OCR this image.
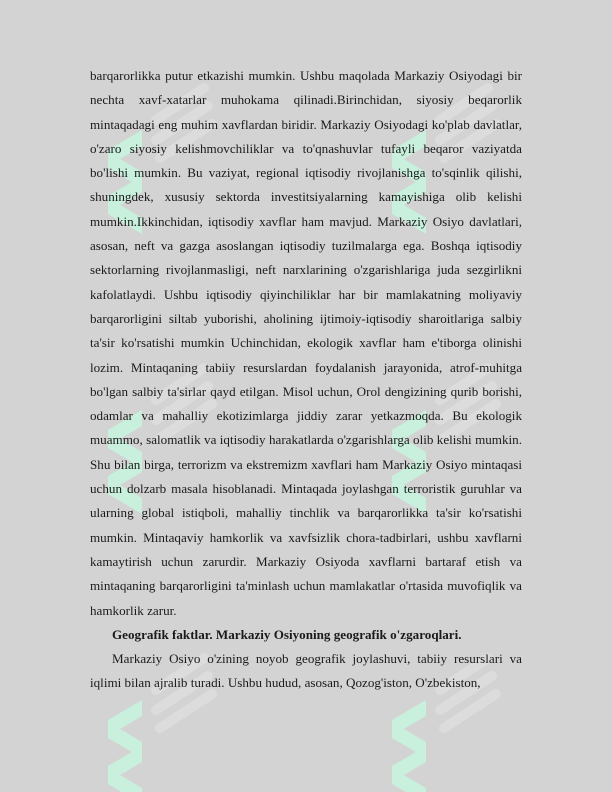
barqarorlikka putur etkazishi mumkin. Ushbu maqolada Markaziy Osiyodagi bir nechta xavf-xatarlar muhokama qilinadi.Birinchidan, siyosiy beqarorlik mintaqadagi eng muhim xavflardan biridir. Markaziy Osiyodagi ko'plab davlatlar, o'zaro siyosiy kelishmovchiliklar va to'qnashuvlar tufayli beqaror vaziyatda bo'lishi mumkin. Bu vaziyat, regional iqtisodiy rivojlanishga to'sqinlik qilishi, shuningdek, xususiy sektorda investitsiyalarning kamayishiga olib kelishi mumkin.Ikkinchidan, iqtisodiy xavflar ham mavjud. Markaziy Osiyo davlatlari, asosan, neft va gazga asoslangan iqtisodiy tuzilmalarga ega. Boshqa iqtisodiy sektorlarning rivojlanmasligi, neft narxlarining o'zgarishlariga juda sezgirlikni kafolatlaydi. Ushbu iqtisodiy qiyinchiliklar har bir mamlakatning moliyaviy barqarorligini siltab yuborishi, aholining ijtimoiy-iqtisodiy sharoitlariga salbiy ta'sir ko'rsatishi mumkin Uchinchidan, ekologik xavflar ham e'tiborga olinishi lozim. Mintaqaning tabiiy resurslardan foydalanish jarayonida, atrof-muhitga bo'lgan salbiy ta'sirlar qayd etilgan. Misol uchun, Orol dengizining qurib borishi, odamlar va mahalliy ekotizimlarga jiddiy zarar yetkazmoqda. Bu ekologik muammo, salomatlik va iqtisodiy harakatlarda o'zgarishlarga olib kelishi mumkin. Shu bilan birga, terrorizm va ekstremizm xavflari ham Markaziy Osiyo mintaqasi uchun dolzarb masala hisoblanadi. Mintaqada joylashgan terroristik guruhlar va ularning global istiqboli, mahalliy tinchlik va barqarorlikka ta'sir ko'rsatishi mumkin. Mintaqaviy hamkorlik va xavfsizlik chora-tadbirlari, ushbu xavflarni kamaytirish uchun zarurdir. Markaziy Osiyoda xavflarni bartaraf etish va mintaqaning barqarorligini ta'minlash uchun mamlakatlar o'rtasida muvofiqlik va hamkorlik zarur.

Geografik faktlar. Markaziy Osiyoning geografik o'zgaroqlari.

Markaziy Osiyo o'zining noyob geografik joylashuvi, tabiiy resurslari va iqlimi bilan ajralib turadi. Ushbu hudud, asosan, Qozog'iston, O'zbekiston,
